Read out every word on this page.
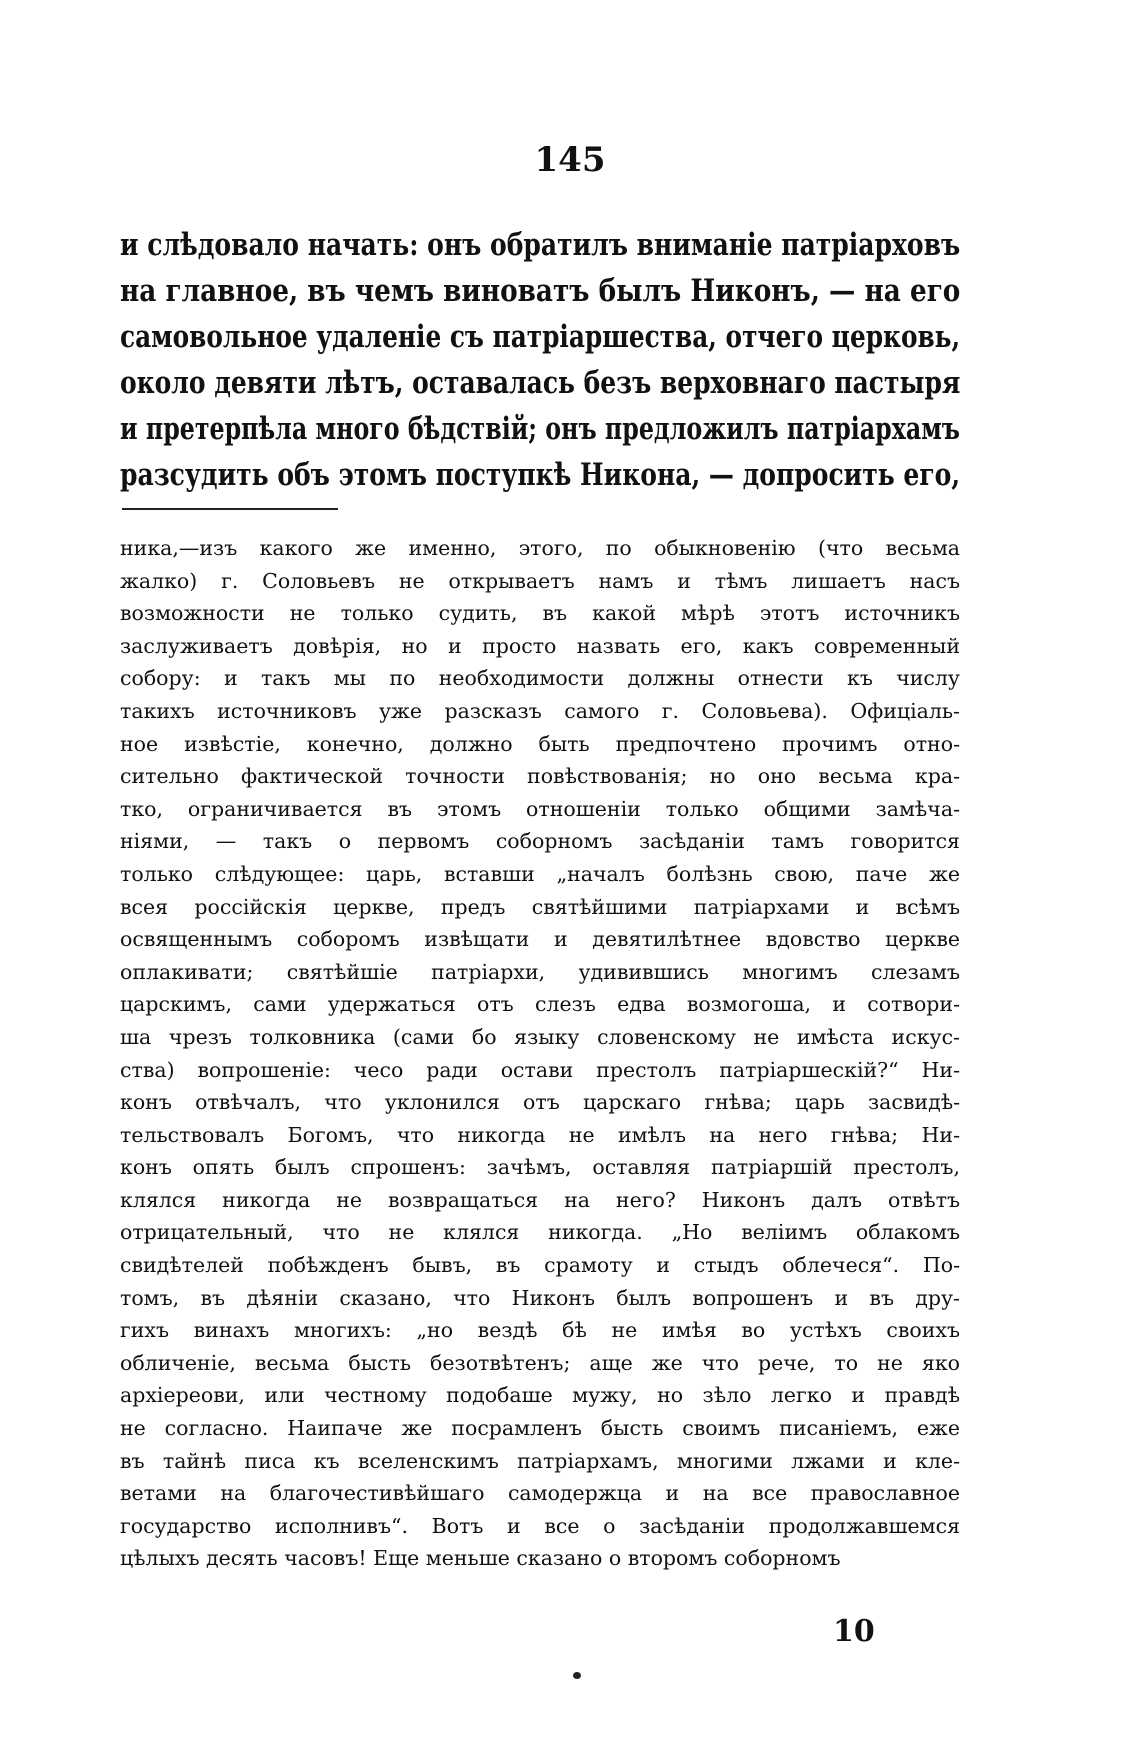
145
и слѣдовало начать: онъ обратилъ вниманіе патріарховъ
на главное, въ чемъ виноватъ былъ Никонъ, — на его
самовольное удаленіе съ патріаршества, отчего церковь,
около девяти лѣтъ, оставалась безъ верховнаго пастыря
и претерпѣла много бѣдствій; онъ предложилъ патріархамъ
разсудить объ этомъ поступкѣ Никона, — допросить его,
ника,—изъ какого же именно, этого, по обыкновенію (что весьма
жалко) г. Соловьевъ не открываетъ намъ и тѣмъ лишаетъ насъ
возможности не только судить, въ какой мѣрѣ этотъ источникъ
заслуживаетъ довѣрія, но и просто назвать его, какъ современный
собору: и такъ мы по необходимости должны отнести къ числу
такихъ источниковъ уже разсказъ самого г. Соловьева). Офиціаль-
ное извѣстіе, конечно, должно быть предпочтено прочимъ отно-
сительно фактической точности повѣствованія; но оно весьма кра-
тко, ограничивается въ этомъ отношеніи только общими замѣча-
ніями, — такъ о первомъ соборномъ засѣданіи тамъ говорится
только слѣдующее: царь, вставши „началъ болѣзнь свою, паче же
всея россійскія церкве, предъ святѣйшими патріархами и всѣмъ
освященнымъ соборомъ извѣщати и девятилѣтнее вдовство церкве
оплакивати; святѣйшіе патріархи, удивившись многимъ слезамъ
царскимъ, сами удержаться отъ слезъ едва возмогоша, и сотвори-
ша чрезъ толковника (сами бо языку словенскому не имѣста искус-
ства) вопрошеніе: чесо ради остави престолъ патріаршескій?“ Ни-
конъ отвѣчалъ, что уклонился отъ царскаго гнѣва; царь засвидѣ-
тельствовалъ Богомъ, что никогда не имѣлъ на него гнѣва; Ни-
конъ опять былъ спрошенъ: зачѣмъ, оставляя патріаршій престолъ,
клялся никогда не возвращаться на него? Никонъ далъ отвѣтъ
отрицательный, что не клялся никогда. „Но велiимъ облакомъ
свидѣтелей побѣжденъ бывъ, въ срамоту и стыдъ облечеся“. По-
томъ, въ дѣяніи сказано, что Никонъ былъ вопрошенъ и въ дру-
гихъ винахъ многихъ: „но вездѣ бѣ не имѣя во устѣхъ своихъ
обличеніе, весьма бысть безотвѣтенъ; аще же что рече, то не яко
архіереови, или честному подобаше мужу, но зѣло легко и правдѣ
не согласно. Наипаче же посрамленъ бысть своимъ писаніемъ, еже
въ тайнѣ писа къ вселенскимъ патріархамъ, многими лжами и кле-
ветами на благочестивѣйшаго самодержца и на все православное
государство исполнивъ“. Вотъ и все о засѣданіи продолжавшемся
цѣлыхъ десять часовъ! Еще меньше сказано о второмъ соборномъ
10
